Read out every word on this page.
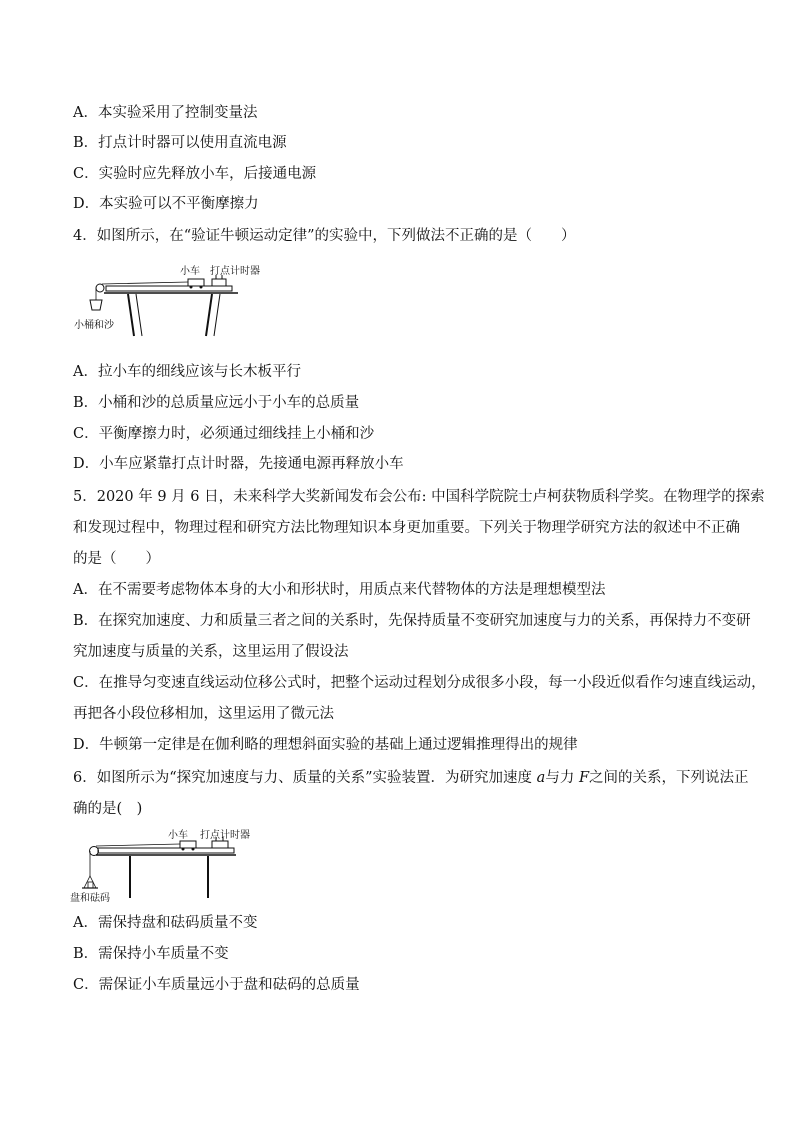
A．本实验采用了控制变量法
B．打点计时器可以使用直流电源
C．实验时应先释放小车，后接通电源
D．本实验可以不平衡摩擦力
4．如图所示，在“验证牛顿运动定律”的实验中，下列做法不正确的是（　　）
小车 打点计时器
小桶和沙
A．拉小车的细线应该与长木板平行
B．小桶和沙的总质量应远小于小车的总质量
C．平衡摩擦力时，必须通过细线挂上小桶和沙
D．小车应紧靠打点计时器，先接通电源再释放小车
5．2020 年 9 月 6 日，未来科学大奖新闻发布会公布: 中国科学院院士卢柯获物质科学奖。在物理学的探索
和发现过程中，物理过程和研究方法比物理知识本身更加重要。下列关于物理学研究方法的叙述中不正确
的是（　　）
A．在不需要考虑物体本身的大小和形状时，用质点来代替物体的方法是理想模型法
B．在探究加速度、力和质量三者之间的关系时，先保持质量不变研究加速度与力的关系，再保持力不变研
究加速度与质量的关系，这里运用了假设法
C．在推导匀变速直线运动位移公式时，把整个运动过程划分成很多小段，每一小段近似看作匀速直线运动，
再把各小段位移相加，这里运用了微元法
D．牛顿第一定律是在伽利略的理想斜面实验的基础上通过逻辑推理得出的规律
6．如图所示为“探究加速度与力、质量的关系”实验装置．为研究加速度 a与力 F之间的关系，下列说法正
确的是(　)
小车 打点计时器
盘和砝码
A．需保持盘和砝码质量不变
B．需保持小车质量不变
C．需保证小车质量远小于盘和砝码的总质量
